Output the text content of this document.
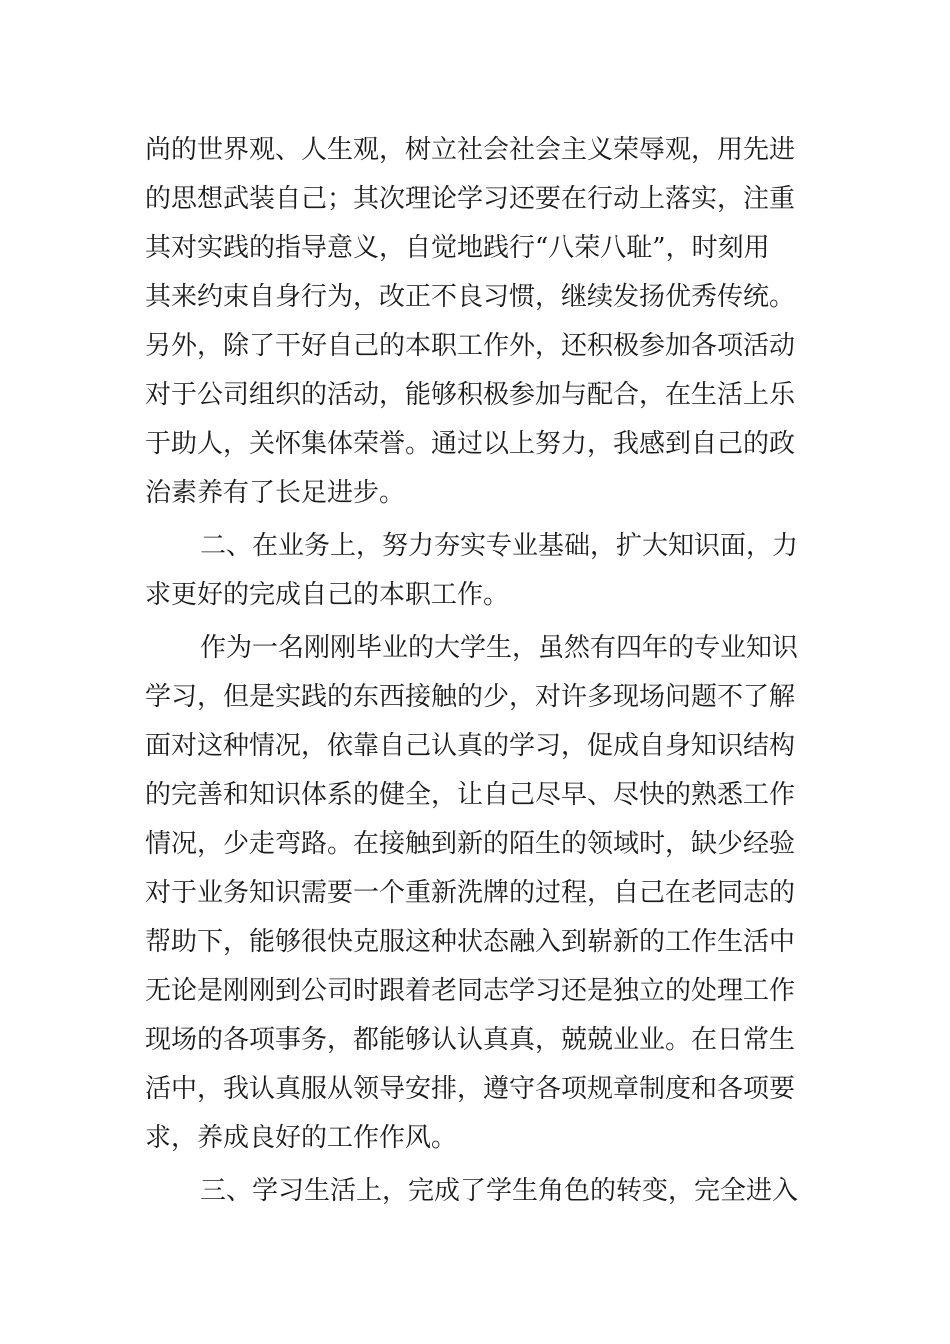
尚的世界观、人生观，树立社会社会主义荣辱观，用先进
的思想武装自己；其次理论学习还要在行动上落实，注重
其对实践的指导意义，自觉地践行“八荣八耻”，时刻用
其来约束自身行为，改正不良习惯，继续发扬优秀传统。
另外，除了干好自己的本职工作外，还积极参加各项活动
对于公司组织的活动，能够积极参加与配合，在生活上乐
于助人，关怀集体荣誉。通过以上努力，我感到自己的政
治素养有了长足进步。
二、在业务上，努力夯实专业基础，扩大知识面，力
求更好的完成自己的本职工作。
作为一名刚刚毕业的大学生，虽然有四年的专业知识
学习，但是实践的东西接触的少，对许多现场问题不了解
面对这种情况，依靠自己认真的学习，促成自身知识结构
的完善和知识体系的健全，让自己尽早、尽快的熟悉工作
情况，少走弯路。在接触到新的陌生的领域时，缺少经验
对于业务知识需要一个重新洗牌的过程，自己在老同志的
帮助下，能够很快克服这种状态融入到崭新的工作生活中
无论是刚刚到公司时跟着老同志学习还是独立的处理工作
现场的各项事务，都能够认认真真，兢兢业业。在日常生
活中，我认真服从领导安排，遵守各项规章制度和各项要
求，养成良好的工作作风。
三、学习生活上，完成了学生角色的转变，完全进入
